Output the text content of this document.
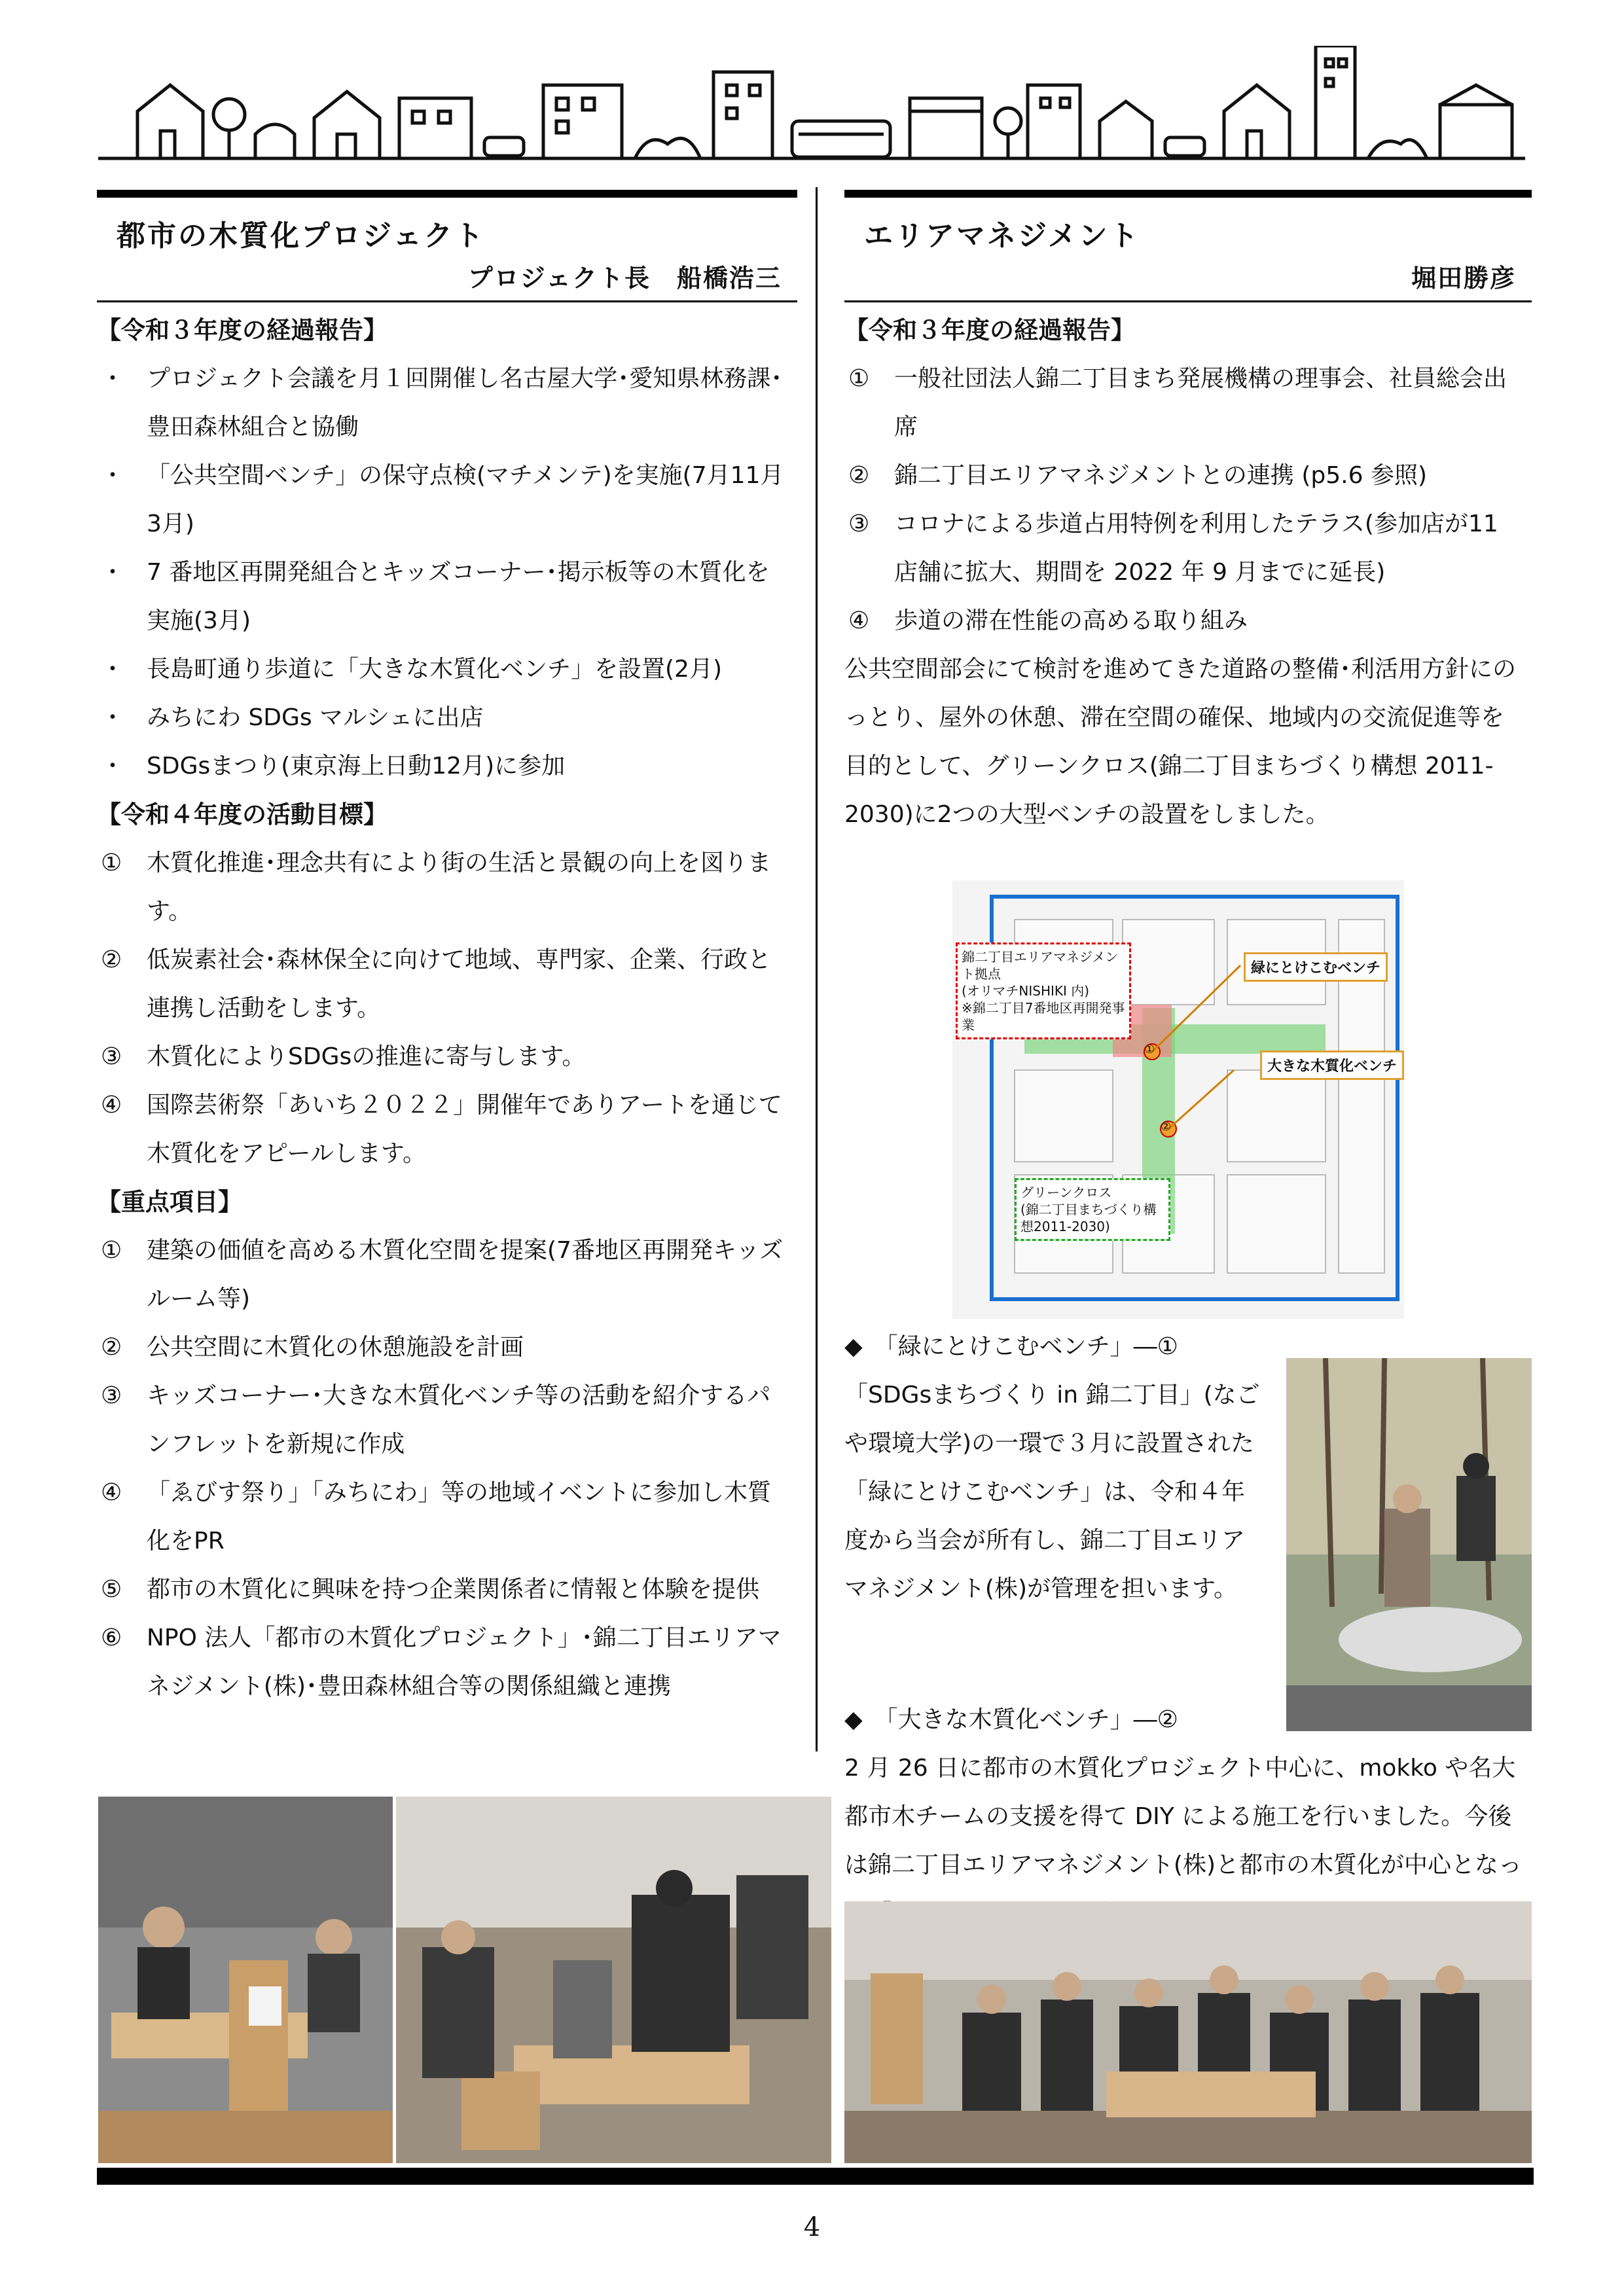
都市の木質化プロジェクト
プロジェクト長　船橋浩三
【令和３年度の経過報告】
・ プロジェクト会議を月１回開催し名古屋大学･愛知県林務課･豊田森林組合と協働
・ 「公共空間ベンチ」の保守点検(マチメンテ)を実施(7月11月3月)
・ 7 番地区再開発組合とキッズコーナー･掲示板等の木質化を実施(3月)
・ 長島町通り歩道に「大きな木質化ベンチ」を設置(2月)
・ みちにわ SDGs マルシェに出店
・ SDGsまつり(東京海上日動12月)に参加
【令和４年度の活動目標】
①	木質化推進･理念共有により街の生活と景観の向上を図ります。
②	低炭素社会･森林保全に向けて地域、専門家、企業、行政と連携し活動をします。
③	木質化によりSDGsの推進に寄与します。
④	国際芸術祭「あいち２０２２」開催年でありアートを通じて木質化をアピールします。
【重点項目】
①	建築の価値を高める木質化空間を提案(7番地区再開発キッズルーム等)
②	公共空間に木質化の休憩施設を計画
③	キッズコーナー･大きな木質化ベンチ等の活動を紹介するパンフレットを新規に作成
④	「ゑびす祭り」「みちにわ」等の地域イベントに参加し木質化をPR
⑤	都市の木質化に興味を持つ企業関係者に情報と体験を提供
⑥	NPO 法人「都市の木質化プロジェクト」･錦二丁目エリアマネジメント(株)･豊田森林組合等の関係組織と連携
エリアマネジメント
堀田勝彦
【令和３年度の経過報告】
①	一般社団法人錦二丁目まち発展機構の理事会、社員総会出席
②	錦二丁目エリアマネジメントとの連携 (p5.6 参照)
③	コロナによる歩道占用特例を利用したテラス(参加店が11店舗に拡大、期間を 2022 年 9 月までに延長)
④	歩道の滞在性能の高める取り組み
公共空間部会にて検討を進めてきた道路の整備･利活用方針にのっとり、屋外の休憩、滞在空間の確保、地域内の交流促進等を目的として、グリーンクロス(錦二丁目まちづくり構想 2011-2030)に2つの大型ベンチの設置をしました。
錦二丁目エリアマネジメント拠点
(オリマチNISHIKI 内)
※錦二丁目7番地区再開発事業
緑にとけこむベンチ
大きな木質化ベンチ
グリーンクロス
(錦二丁目まちづくり構想2011-2030)
①
②
◆　「緑にとけこむベンチ」―①
「SDGsまちづくり in 錦二丁目」(なごや環境大学)の一環で３月に設置された「緑にとけこむベンチ」は、令和４年度から当会が所有し、錦二丁目エリアマネジメント(株)が管理を担います。
◆　「大きな木質化ベンチ」―②
2 月 26 日に都市の木質化プロジェクト中心に、mokko や名大都市木チームの支援を得て DIY による施工を行いました。今後は錦二丁目エリアマネジメント(株)と都市の木質化が中心となっ
4
